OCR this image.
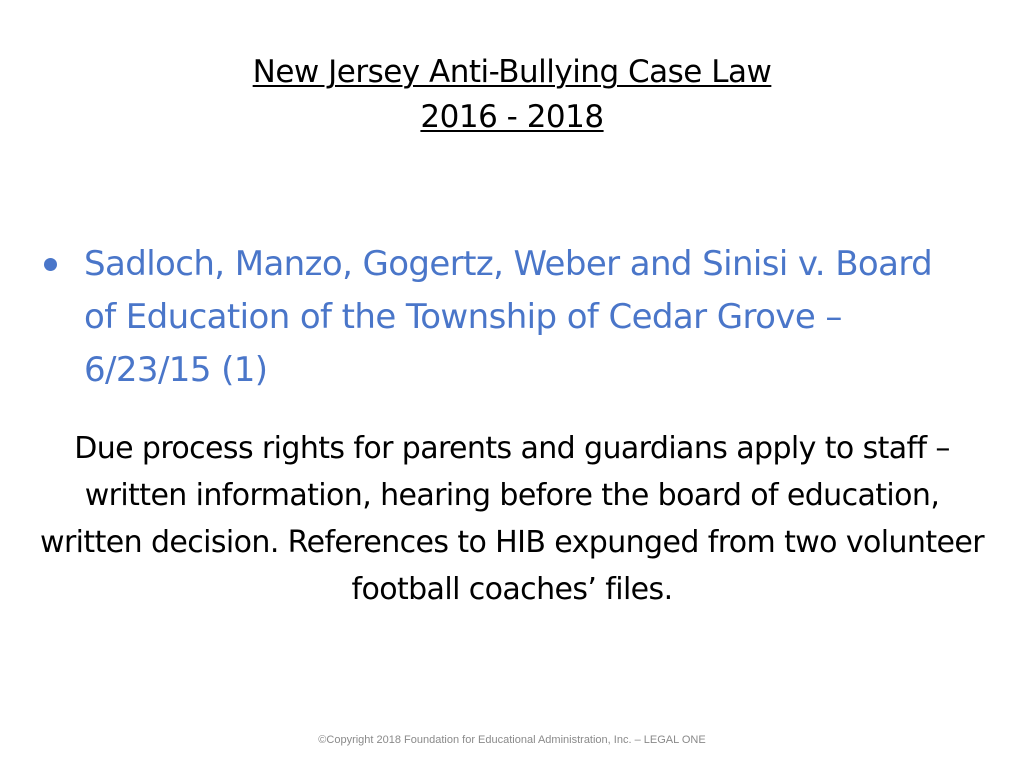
New Jersey Anti-Bullying Case Law
2016 - 2018
Sadloch, Manzo, Gogertz, Weber and Sinisi v. Board of Education of the Township of Cedar Grove – 6/23/15 (1)
Due process rights for parents and guardians apply to staff – written information, hearing before the board of education, written decision. References to HIB expunged from two volunteer football coaches’ files.
©Copyright 2018 Foundation for Educational Administration, Inc. – LEGAL ONE
